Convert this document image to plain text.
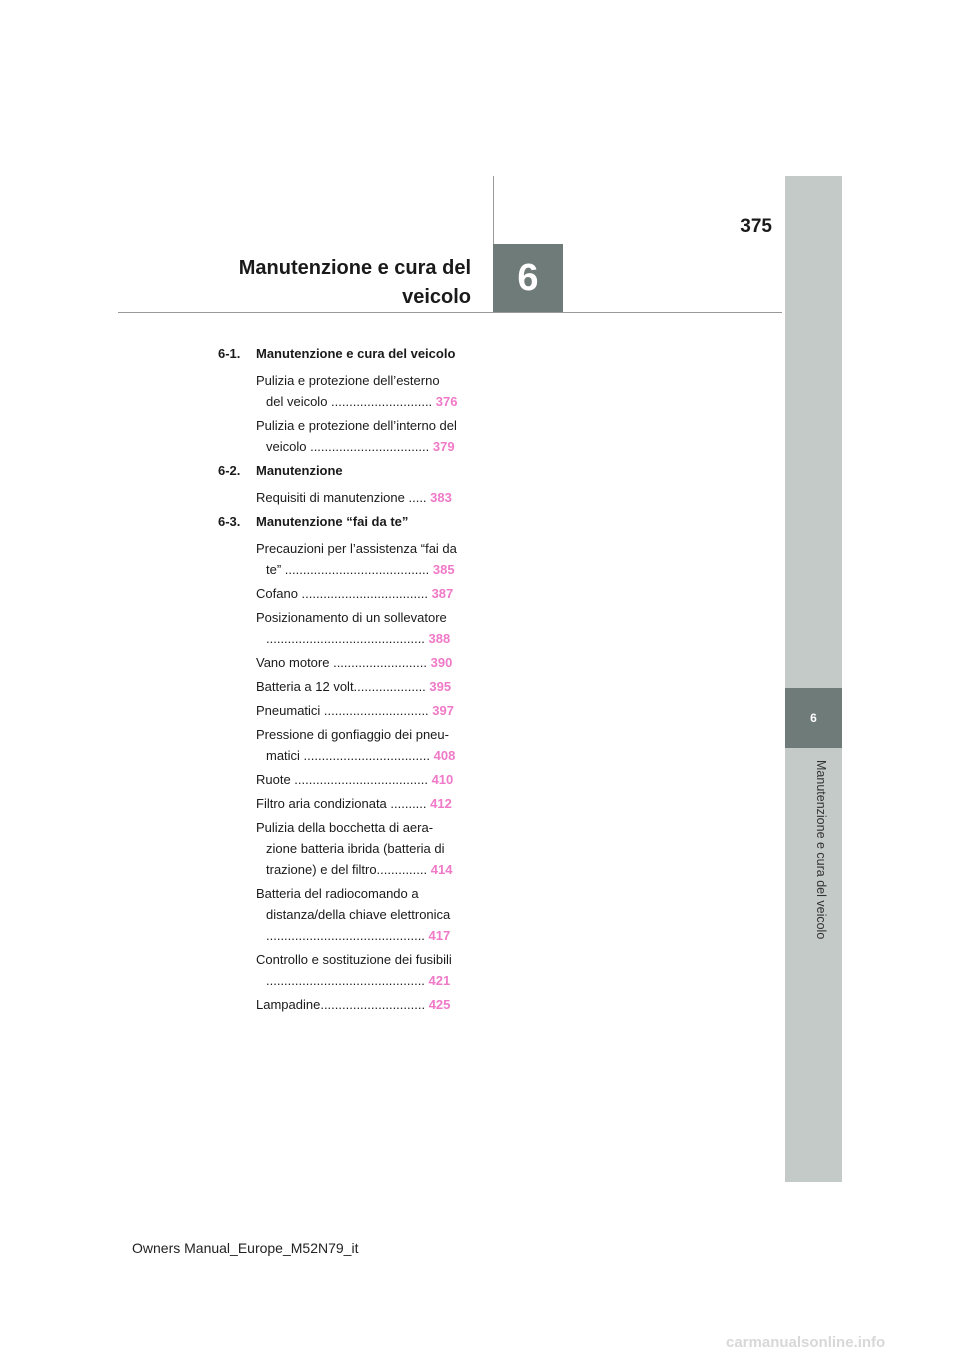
6
Manutenzione e cura del veicolo
375
Manutenzione e cura del
veicolo	6
6-1.	Manutenzione e cura del veicolo
Pulizia e protezione dell’esterno
del veicolo ............................ 376
Pulizia e protezione dell’interno del
veicolo ................................. 379
6-2.	Manutenzione
Requisiti di manutenzione ..... 383
6-3.	Manutenzione “fai da te”
Precauzioni per l’assistenza “fai da
te” ........................................ 385
Cofano ................................... 387
Posizionamento di un sollevatore
............................................ 388
Vano motore .......................... 390
Batteria a 12 volt.................... 395
Pneumatici ............................. 397
Pressione di gonfiaggio dei pneu-
matici ................................... 408
Ruote ..................................... 410
Filtro aria condizionata .......... 412
Pulizia della bocchetta di aera-
zione batteria ibrida (batteria di
trazione) e del filtro.............. 414
Batteria del radiocomando a
distanza/della chiave elettronica
............................................ 417
Controllo e sostituzione dei fusibili
............................................ 421
Lampadine............................. 425
Owners Manual_Europe_M52N79_it
carmanualsonline.info
